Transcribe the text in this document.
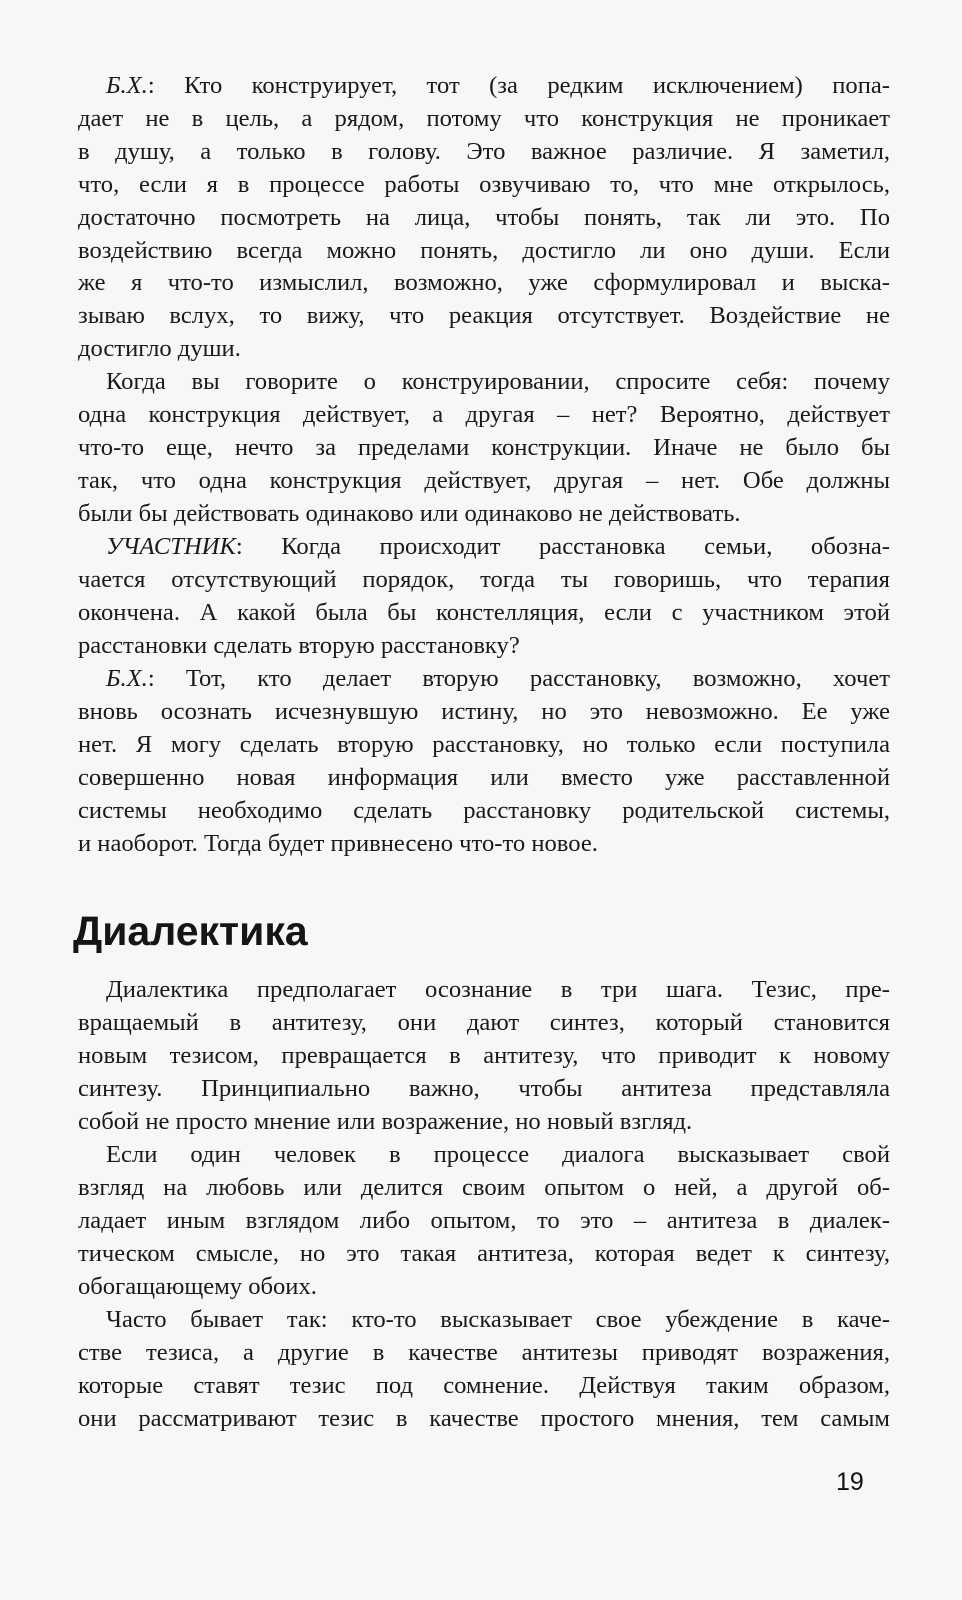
Б.Х.: Кто конструирует, тот (за редким исключением) попа-
дает не в цель, а рядом, потому что конструкция не проникает
в душу, а только в голову. Это важное различие. Я заметил,
что, если я в процессе работы озвучиваю то, что мне открылось,
достаточно посмотреть на лица, чтобы понять, так ли это. По
воздействию всегда можно понять, достигло ли оно души. Если
же я что-то измыслил, возможно, уже сформулировал и выска-
зываю вслух, то вижу, что реакция отсутствует. Воздействие не
достигло души.
Когда вы говорите о конструировании, спросите себя: почему
одна конструкция действует, а другая – нет? Вероятно, действует
что-то еще, нечто за пределами конструкции. Иначе не было бы
так, что одна конструкция действует, другая – нет. Обе должны
были бы действовать одинаково или одинаково не действовать.
УЧАСТНИК: Когда происходит расстановка семьи, обозна-
чается отсутствующий порядок, тогда ты говоришь, что терапия
окончена. А какой была бы констелляция, если с участником этой
расстановки сделать вторую расстановку?
Б.Х.: Тот, кто делает вторую расстановку, возможно, хочет
вновь осознать исчезнувшую истину, но это невозможно. Ее уже
нет. Я могу сделать вторую расстановку, но только если поступила
совершенно новая информация или вместо уже расставленной
системы необходимо сделать расстановку родительской системы,
и наоборот. Тогда будет привнесено что-то новое.
Диалектика
Диалектика предполагает осознание в три шага. Тезис, пре-
вращаемый в антитезу, они дают синтез, который становится
новым тезисом, превращается в антитезу, что приводит к новому
синтезу. Принципиально важно, чтобы антитеза представляла
собой не просто мнение или возражение, но новый взгляд.
Если один человек в процессе диалога высказывает свой
взгляд на любовь или делится своим опытом о ней, а другой об-
ладает иным взглядом либо опытом, то это – антитеза в диалек-
тическом смысле, но это такая антитеза, которая ведет к синтезу,
обогащающему обоих.
Часто бывает так: кто-то высказывает свое убеждение в каче-
стве тезиса, а другие в качестве антитезы приводят возражения,
которые ставят тезис под сомнение. Действуя таким образом,
они рассматривают тезис в качестве простого мнения, тем самым
19
